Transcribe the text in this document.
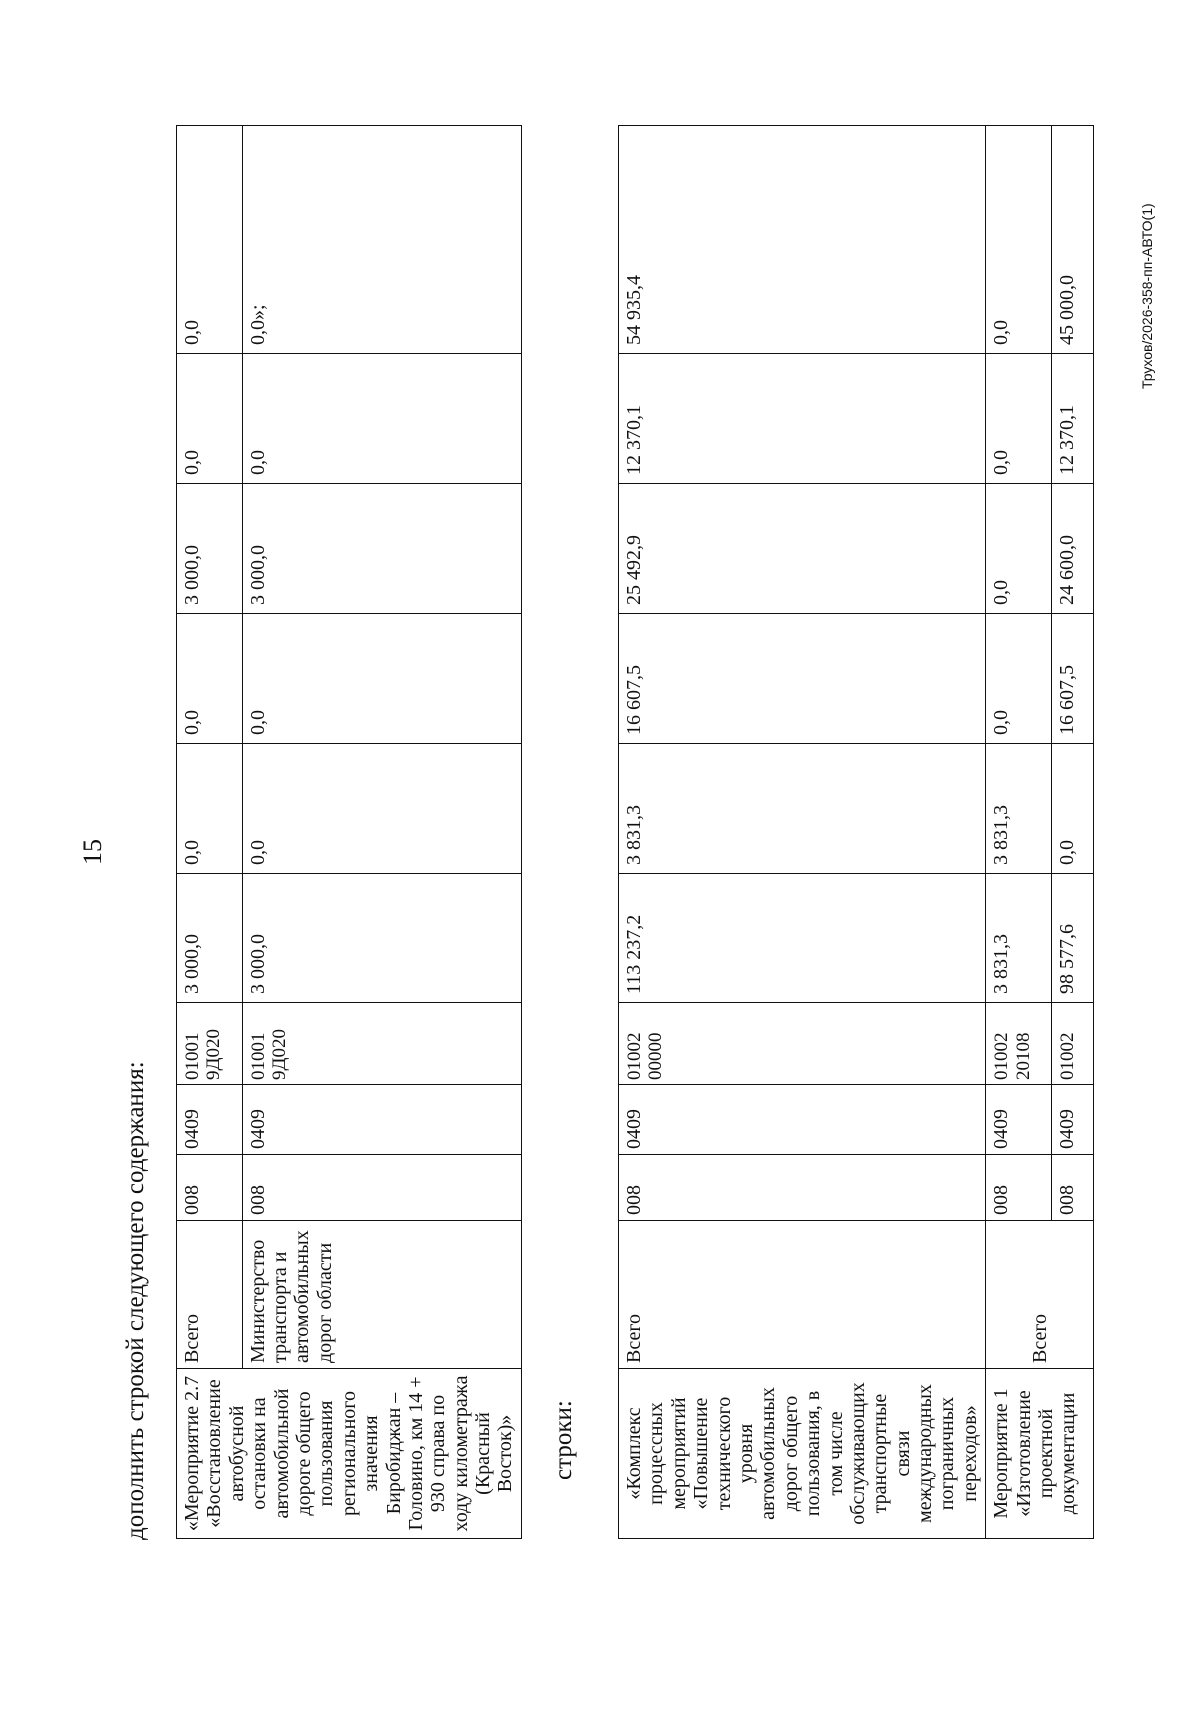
15
дополнить строкой следующего содержания: «Мероприятие 2.7 «Восстановление автобусной остановки на автомобильной дороге общего пользования регионального значения Биробиджан – Головино, км 14 + 930 справа по ходу километража (Красный Восток)»	Всего	008	0409	01001 9Д020	3 000,0	0,0	0,0	3 000,0	0,0	0,0
	Министерство транспорта и автомобильных дорог области	008	0409	01001 9Д020	3 000,0	0,0	0,0	3 000,0	0,0	0,0»;
строки: «Комплекс процессных мероприятий «Повышение технического уровня автомобильных дорог общего пользования, в том числе обслуживающих транспортные связи международных пограничных переходов»	Всего	008	0409	01002 00000	113 237,2	3 831,3	16 607,5	25 492,9	12 370,1	54 935,4

Мероприятие 1 «Изготовление проектной документации	Всего	008	0409	01002 20108	3 831,3	3 831,3	0,0	0,0	0,0	0,0
		008	0409	01002	98 577,6	0,0	16 607,5	24 600,0	12 370,1	45 000,0	Трухов/2026-358-пп-АВТО(1)
